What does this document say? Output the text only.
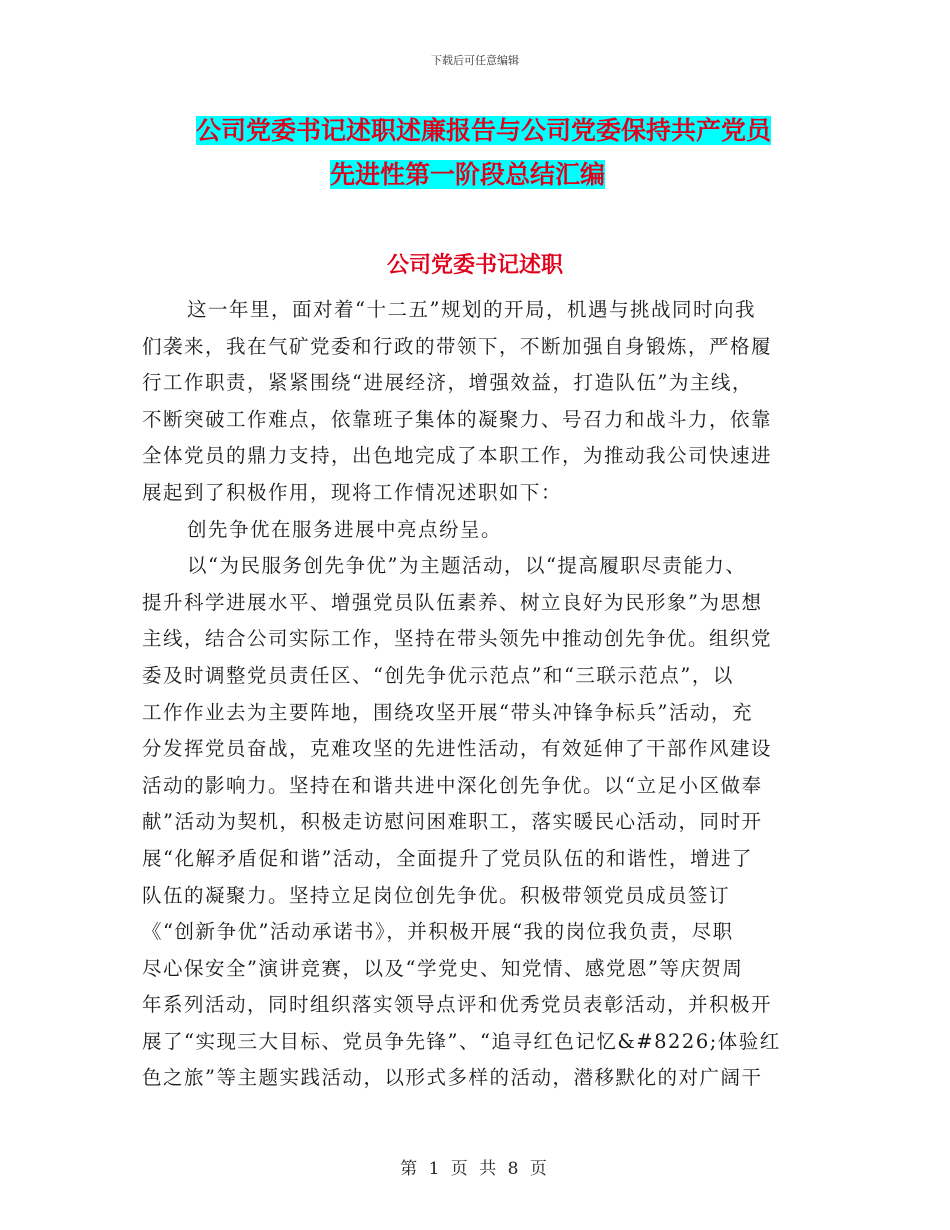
下载后可任意编辑
公司党委书记述职述廉报告与公司党委保持共产党员
先进性第一阶段总结汇编
公司党委书记述职
这一年里，面对着“十二五”规划的开局，机遇与挑战同时向我
们袭来，我在气矿党委和行政的带领下，不断加强自身锻炼，严格履
行工作职责，紧紧围绕“进展经济，增强效益，打造队伍”为主线，
不断突破工作难点，依靠班子集体的凝聚力、号召力和战斗力，依靠
全体党员的鼎力支持，出色地完成了本职工作，为推动我公司快速进
展起到了积极作用，现将工作情况述职如下：
创先争优在服务进展中亮点纷呈。
以“为民服务创先争优”为主题活动，以“提高履职尽责能力、
提升科学进展水平、增强党员队伍素养、树立良好为民形象”为思想
主线，结合公司实际工作，坚持在带头领先中推动创先争优。组织党
委及时调整党员责任区、“创先争优示范点”和“三联示范点”，以
工作作业去为主要阵地，围绕攻坚开展“带头冲锋争标兵”活动，充
分发挥党员奋战，克难攻坚的先进性活动，有效延伸了干部作风建设
活动的影响力。坚持在和谐共进中深化创先争优。以“立足小区做奉
献”活动为契机，积极走访慰问困难职工，落实暖民心活动，同时开
展“化解矛盾促和谐”活动，全面提升了党员队伍的和谐性，增进了
队伍的凝聚力。坚持立足岗位创先争优。积极带领党员成员签订
《“创新争优”活动承诺书》，并积极开展“我的岗位我负责，尽职
尽心保安全”演讲竞赛，以及“学党史、知党情、感党恩”等庆贺周
年系列活动，同时组织落实领导点评和优秀党员表彰活动，并积极开
展了“实现三大目标、党员争先锋”、“追寻红色记忆&#8226;体验红
色之旅”等主题实践活动，以形式多样的活动，潜移默化的对广阔干
第 1 页 共 8 页
